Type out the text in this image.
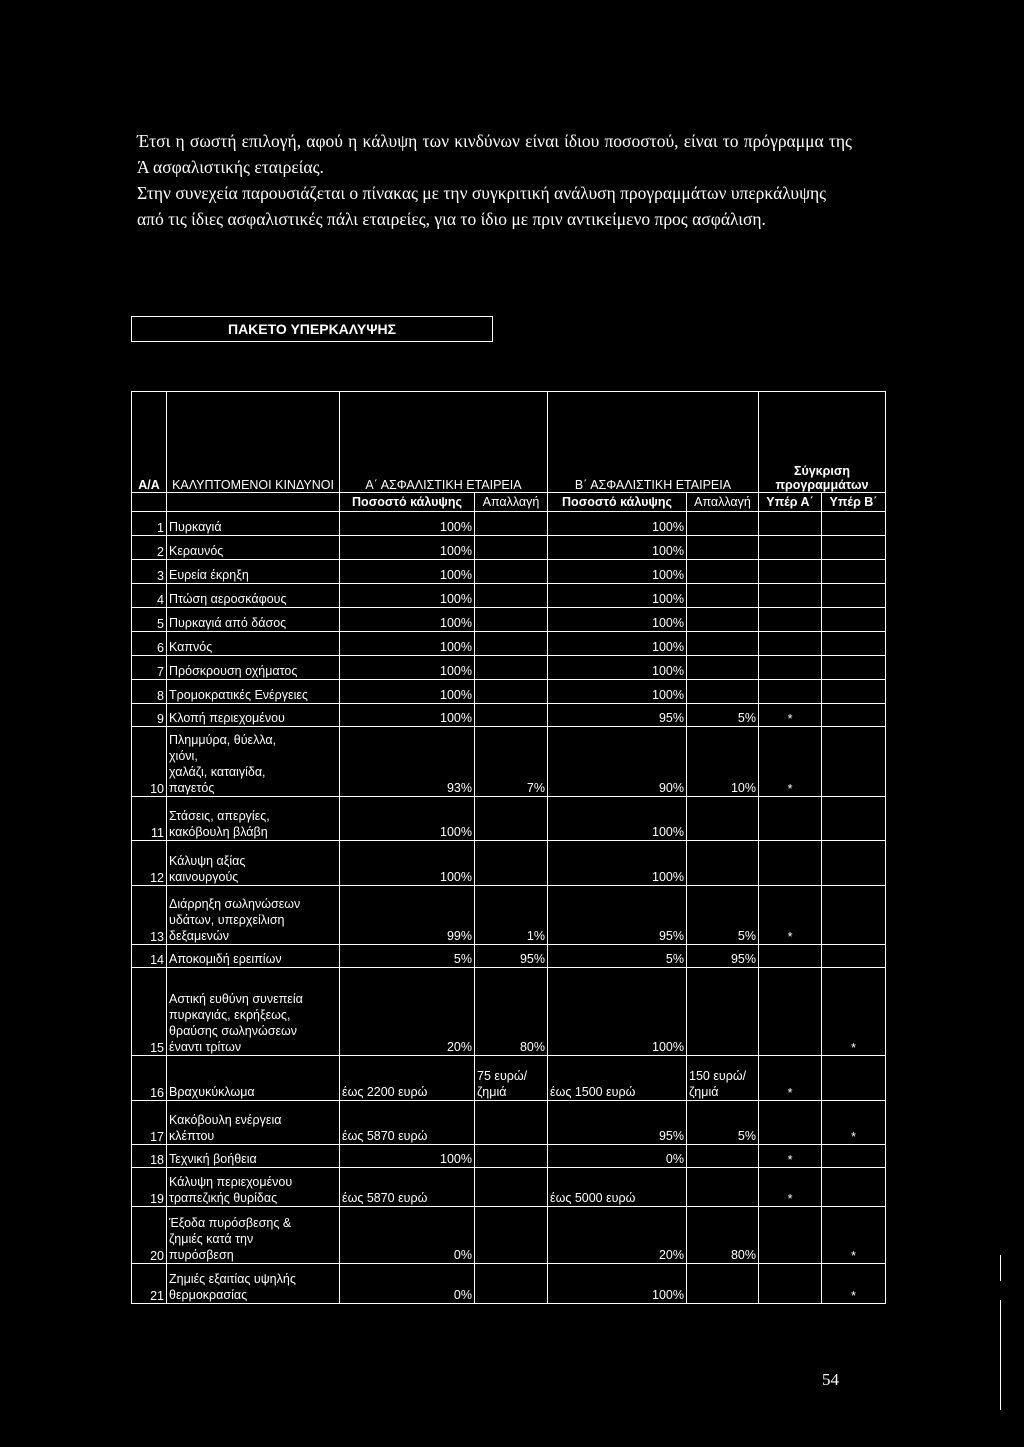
Έτσι η σωστή επιλογή, αφού η κάλυψη των κινδύνων είναι ίδιου ποσοστού, είναι το πρόγραμμα της Ά ασφαλιστικής εταιρείας.

Στην συνεχεία παρουσιάζεται ο πίνακας με την συγκριτική ανάλυση προγραμμάτων υπερκάλυψης από τις ίδιες ασφαλιστικές πάλι εταιρείες, για το ίδιο με πριν αντικείμενο προς ασφάλιση.

ΠΑΚΕΤΟ ΥΠΕΡΚΑΛΥΨΗΣ
Α/Α	ΚΑΛΥΠΤΟΜΕΝΟΙ ΚΙΝΔΥΝΟΙ	Α΄ ΑΣΦΑΛΙΣΤΙΚΗ ΕΤΑΙΡΕΙΑ		Β΄ ΑΣΦΑΛΙΣΤΙΚΗ ΕΤΑΙΡΕΙΑ		Σύγκριση προγραμμάτων	
		Ποσοστό κάλυψης	Απαλλαγή	Ποσοστό κάλυψης	Απαλλαγή	Υπέρ Α΄	Υπέρ Β΄
1	Πυρκαγιά	100%		100%			
2	Κεραυνός	100%		100%			
3	Ευρεία έκρηξη	100%		100%			
4	Πτώση αεροσκάφους	100%		100%			
5	Πυρκαγιά από δάσος	100%		100%			
6	Καπνός	100%		100%			
7	Πρόσκρουση οχήματος	100%		100%			
8	Τρομοκρατικές Ενέργειες	100%		100%			
9	Κλοπή περιεχομένου	100%		95%	5%	*	
10	Πλημμύρα, θύελλα,
χιόνι,
χαλάζι, καταιγίδα,
παγετός	93%	7%	90%	10%	*	
11	Στάσεις, απεργίες,
κακόβουλη βλάβη	100%		100%			
12	Κάλυψη αξίας
καινουργούς	100%		100%			
13	Διάρρηξη σωληνώσεων
υδάτων, υπερχείλιση
δεξαμενών	99%	1%	95%	5%	*	
14	Αποκομιδή ερειπίων	5%	95%	5%	95%		
15	Αστική ευθύνη συνεπεία
πυρκαγιάς, εκρήξεως,
θραύσης σωληνώσεων
έναντι τρίτων	20%	80%	100%			*
16	Βραχυκύκλωμα	έως 2200 ευρώ	75 ευρώ/
ζημιά	έως 1500 ευρώ	150 ευρώ/
ζημιά	*	
17	Κακόβουλη ενέργεια
κλέπτου	έως 5870 ευρώ		95%	5%		*
18	Τεχνική βοήθεια	100%		0%		*	
19	Κάλυψη περιεχομένου
τραπεζικής θυρίδας	έως 5870 ευρώ		έως 5000 ευρώ		*	
20	Έξοδα πυρόσβεσης &
ζημιές κατά την
πυρόσβεση	0%		20%	80%		*
21	Ζημιές εξαιτίας υψηλής
θερμοκρασίας	0%		100%			*
54
